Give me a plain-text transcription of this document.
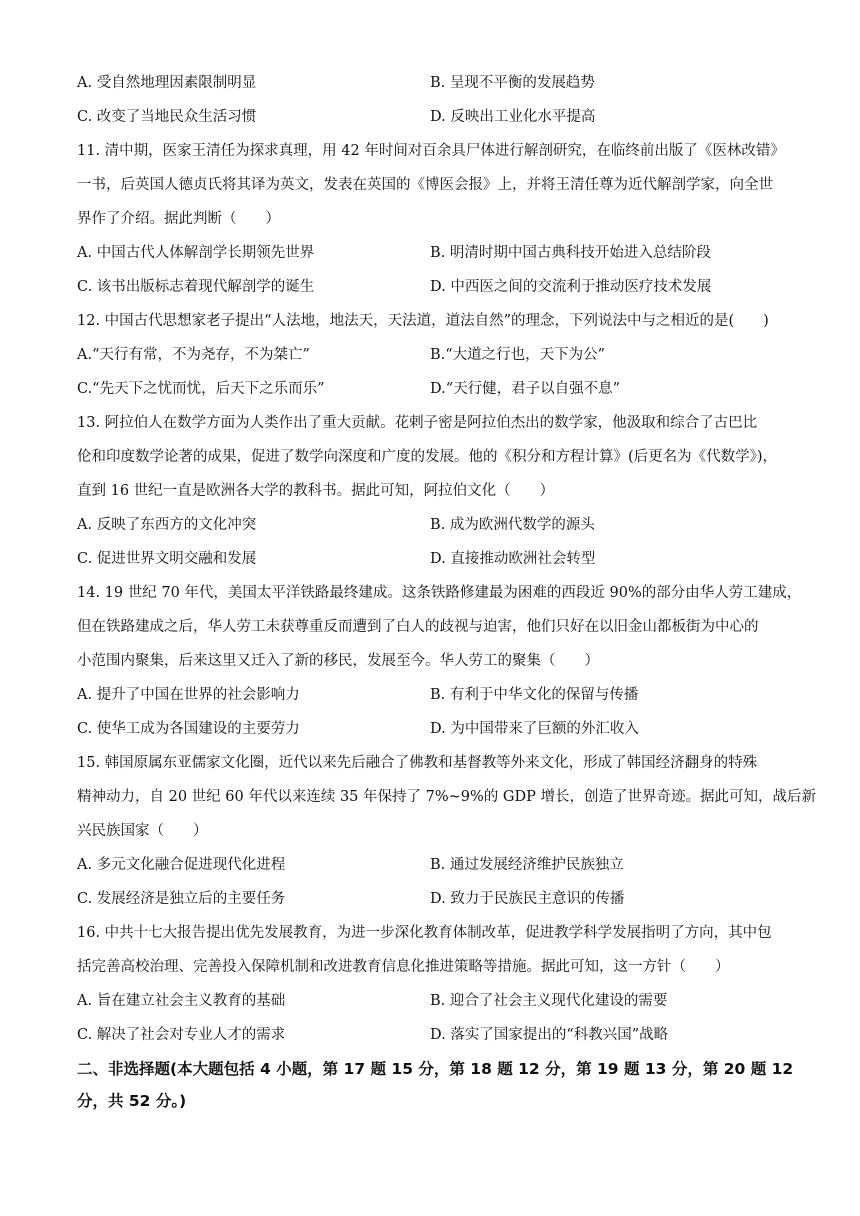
A. 受自然地理因素限制明显	B. 呈现不平衡的发展趋势
C. 改变了当地民众生活习惯	D. 反映出工业化水平提高
11. 清中期，医家王清任为探求真理，用 42 年时间对百余具尸体进行解剖研究，在临终前出版了《医林改错》
一书，后英国人德贞氏将其译为英文，发表在英国的《博医会报》上，并将王清任尊为近代解剖学家，向全世
界作了介绍。据此判断（　　）
A. 中国古代人体解剖学长期领先世界	B. 明清时期中国古典科技开始进入总结阶段
C. 该书出版标志着现代解剖学的诞生	D. 中西医之间的交流利于推动医疗技术发展
12. 中国古代思想家老子提出“人法地，地法天，天法道，道法自然”的理念，下列说法中与之相近的是(　　)
A.“天行有常，不为尧存，不为桀亡”	B.“大道之行也，天下为公”
C.“先天下之忧而忧，后天下之乐而乐”	D.“天行健，君子以自强不息”
13. 阿拉伯人在数学方面为人类作出了重大贡献。花剌子密是阿拉伯杰出的数学家，他汲取和综合了古巴比
伦和印度数学论著的成果，促进了数学向深度和广度的发展。他的《积分和方程计算》(后更名为《代数学》)，
直到 16 世纪一直是欧洲各大学的教科书。据此可知，阿拉伯文化（　　）
A. 反映了东西方的文化冲突	B. 成为欧洲代数学的源头
C. 促进世界文明交融和发展	D. 直接推动欧洲社会转型
14. 19 世纪 70 年代，美国太平洋铁路最终建成。这条铁路修建最为困难的西段近 90%的部分由华人劳工建成，
但在铁路建成之后，华人劳工未获尊重反而遭到了白人的歧视与迫害，他们只好在以旧金山都板街为中心的
小范围内聚集，后来这里又迁入了新的移民，发展至今。华人劳工的聚集（　　）
A. 提升了中国在世界的社会影响力	B. 有利于中华文化的保留与传播
C. 使华工成为各国建设的主要劳力	D. 为中国带来了巨额的外汇收入
15. 韩国原属东亚儒家文化圈，近代以来先后融合了佛教和基督教等外来文化，形成了韩国经济翻身的特殊
精神动力，自 20 世纪 60 年代以来连续 35 年保持了 7%~9%的 GDP 增长，创造了世界奇迹。据此可知，战后新
兴民族国家（　　）
A. 多元文化融合促进现代化进程	B. 通过发展经济维护民族独立
C. 发展经济是独立后的主要任务	D. 致力于民族民主意识的传播
16. 中共十七大报告提出优先发展教育，为进一步深化教育体制改革，促进教学科学发展指明了方向，其中包
括完善高校治理、完善投入保障机制和改进教育信息化推进策略等措施。据此可知，这一方针（　　）
A. 旨在建立社会主义教育的基础	B. 迎合了社会主义现代化建设的需要
C. 解决了社会对专业人才的需求	D. 落实了国家提出的“科教兴国”战略
二、非选择题(本大题包括 4 小题，第 17 题 15 分，第 18 题 12 分，第 19 题 13 分，第 20 题 12
分，共 52 分。)
